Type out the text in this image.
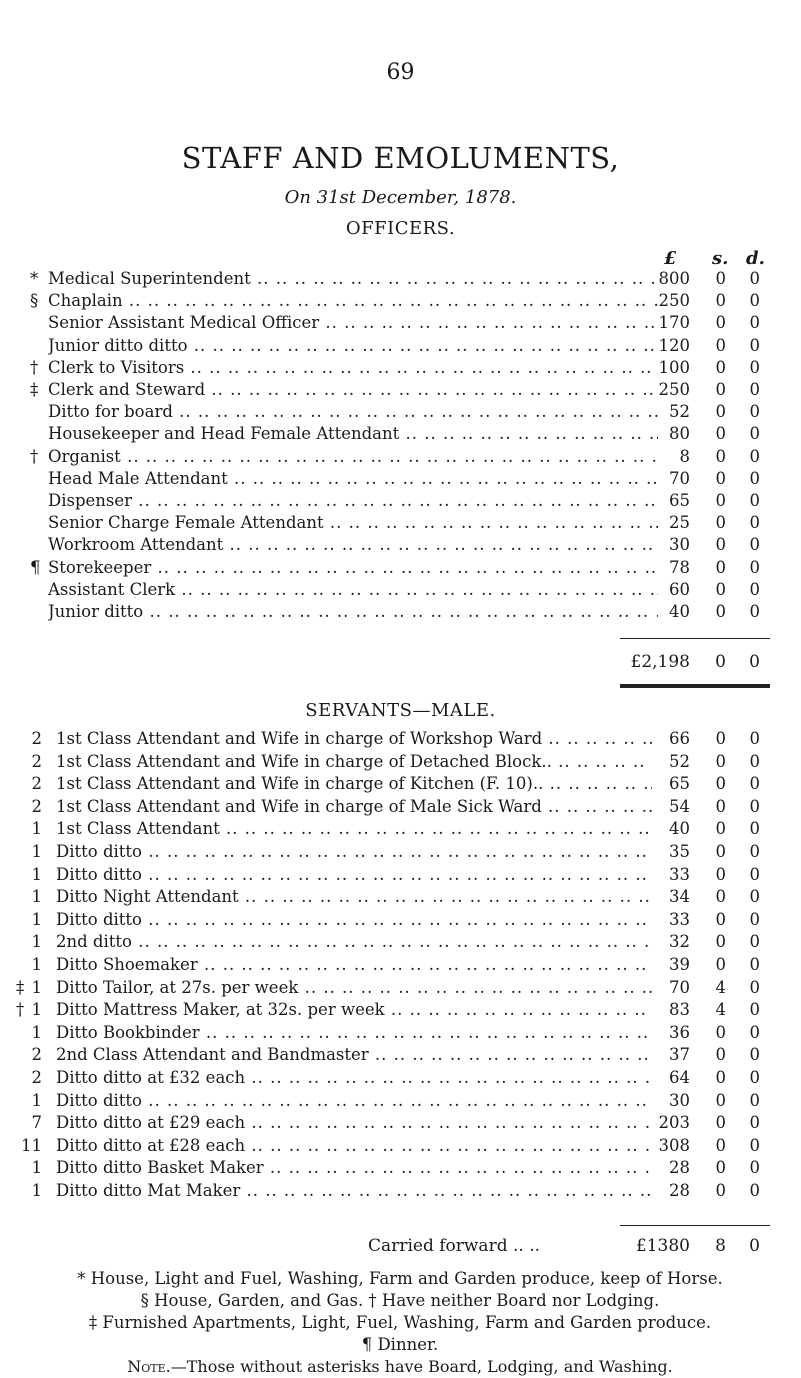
69
STAFF AND EMOLUMENTS,
On 31st December, 1878.
OFFICERS.
£ s. d.
* Medical Superintendent .. ..	800	0	0
§ Chaplain .. ..	250	0	0
Senior Assistant Medical Officer .. ..	170	0	0
Junior ditto ditto .. ..	120	0	0
† Clerk to Visitors .. ..	100	0	0
‡ Clerk and Steward .. ..	250	0	0
Ditto for board .. ..	52	0	0
Housekeeper and Head Female Attendant .. ..	80	0	0
† Organist .. ..	8	0	0
Head Male Attendant .. ..	70	0	0
Dispenser .. ..	65	0	0
Senior Charge Female Attendant .. ..	25	0	0
Workroom Attendant .. ..	30	0	0
¶ Storekeeper .. ..	78	0	0
Assistant Clerk .. ..	60	0	0
Junior ditto .. ..	40	0	0
£2,198	0	0
SERVANTS—MALE.
2 1st Class Attendant and Wife in charge of Workshop Ward .. ..	66	0	0
2 1st Class Attendant and Wife in charge of Detached Block.. .. ..	52	0	0
2 1st Class Attendant and Wife in charge of Kitchen (F. 10).. .. ..	65	0	0
2 1st Class Attendant and Wife in charge of Male Sick Ward .. ..	54	0	0
1 1st Class Attendant .. ..	40	0	0
1 Ditto ditto .. ..	35	0	0
1 Ditto ditto .. ..	33	0	0
1 Ditto Night Attendant .. ..	34	0	0
1 Ditto ditto .. ..	33	0	0
1 2nd ditto .. ..	32	0	0
1 Ditto Shoemaker .. ..	39	0	0
‡ 1 Ditto Tailor, at 27s. per week .. ..	70	4	0
† 1 Ditto Mattress Maker, at 32s. per week .. ..	83	4	0
1 Ditto Bookbinder .. ..	36	0	0
2 2nd Class Attendant and Bandmaster .. ..	37	0	0
2 Ditto ditto at £32 each .. ..	64	0	0
1 Ditto ditto .. ..	30	0	0
7 Ditto ditto at £29 each .. ..	203	0	0
11 Ditto ditto at £28 each .. ..	308	0	0
1 Ditto ditto Basket Maker .. ..	28	0	0
1 Ditto ditto Mat Maker .. ..	28	0	0
Carried forward .. ..	£1380	8	0
* House, Light and Fuel, Washing, Farm and Garden produce, keep of Horse.
§ House, Garden, and Gas. † Have neither Board nor Lodging.
‡ Furnished Apartments, Light, Fuel, Washing, Farm and Garden produce.
¶ Dinner.
Note.—Those without asterisks have Board, Lodging, and Washing.
